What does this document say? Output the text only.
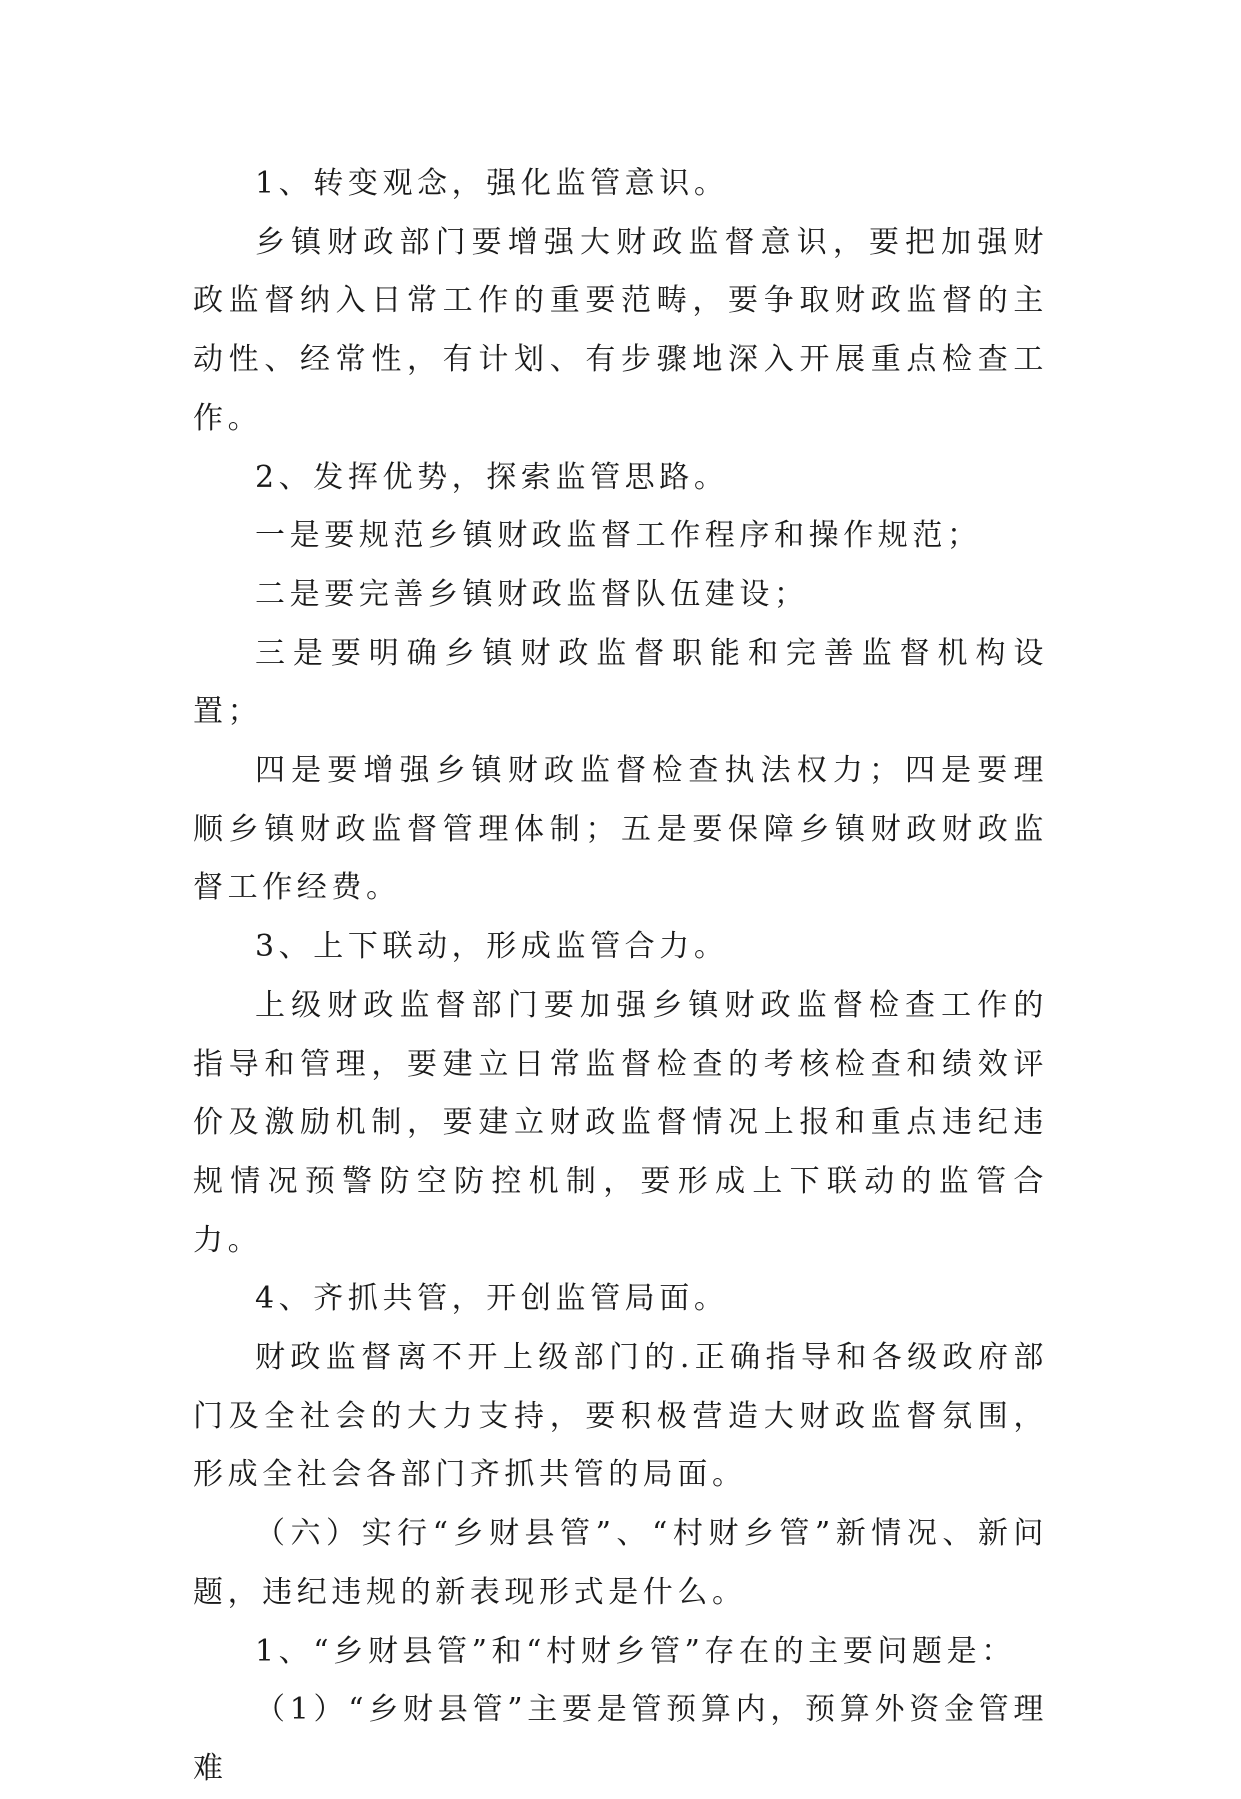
1、转变观念，强化监管意识。

乡镇财政部门要增强大财政监督意识，要把加强财政监督纳入日常工作的重要范畴，要争取财政监督的主动性、经常性，有计划、有步骤地深入开展重点检查工作。

2、发挥优势，探索监管思路。

一是要规范乡镇财政监督工作程序和操作规范；

二是要完善乡镇财政监督队伍建设；

三是要明确乡镇财政监督职能和完善监督机构设置；

四是要增强乡镇财政监督检查执法权力；四是要理顺乡镇财政监督管理体制；五是要保障乡镇财政财政监督工作经费。

3、上下联动，形成监管合力。

上级财政监督部门要加强乡镇财政监督检查工作的指导和管理，要建立日常监督检查的考核检查和绩效评价及激励机制，要建立财政监督情况上报和重点违纪违规情况预警防空防控机制，要形成上下联动的监管合力。

4、齐抓共管，开创监管局面。

财政监督离不开上级部门的.正确指导和各级政府部门及全社会的大力支持，要积极营造大财政监督氛围，形成全社会各部门齐抓共管的局面。

（六）实行“乡财县管”、“村财乡管”新情况、新问题，违纪违规的新表现形式是什么。

1、“乡财县管”和“村财乡管”存在的主要问题是：

（1）“乡财县管”主要是管预算内，预算外资金管理难
